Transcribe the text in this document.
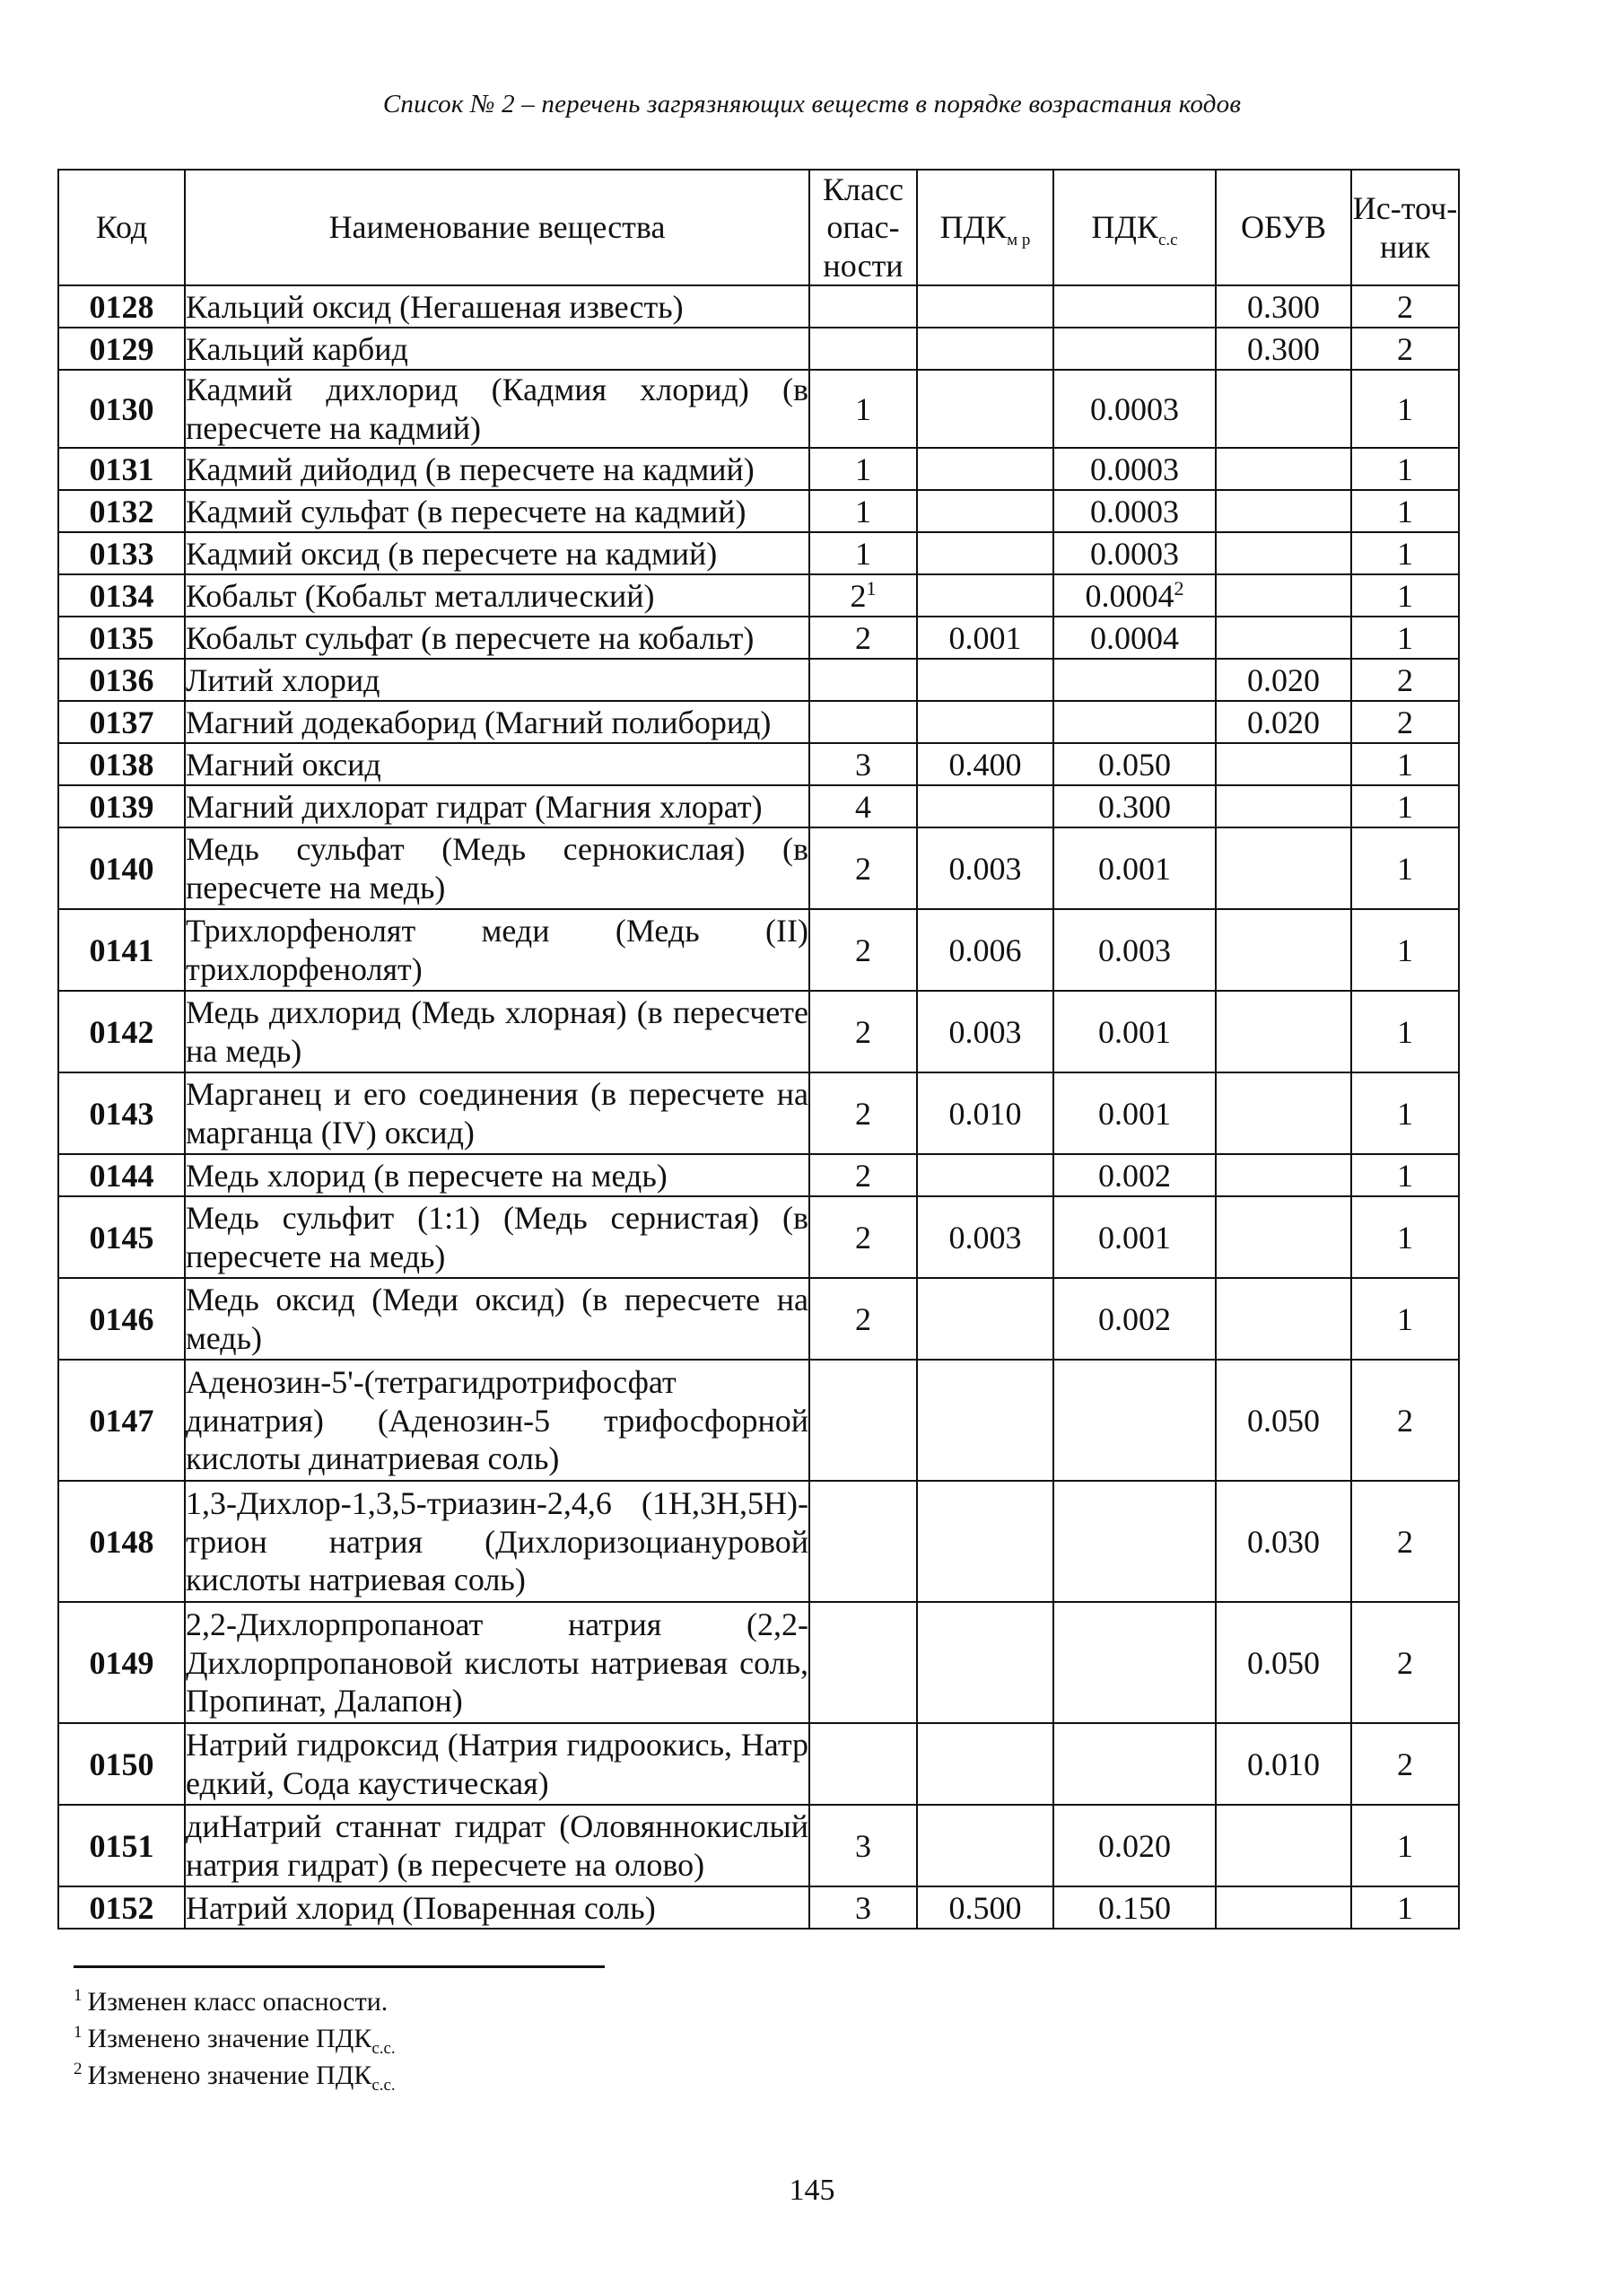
Список № 2 – перечень загрязняющих веществ в порядке возрастания кодов
Код	Наименование вещества	Класс опас-ности	$ПДК_{м р}$	$ПДК_{с.с}$	ОБУВ	Ис-точ-ник
0128	Кальций оксид (Негашеная известь)				0.300	2
0129	Кальций карбид				0.300	2
0130	Кадмий дихлорид (Кадмия хлорид) (в пересчете на кадмий)	1		0.0003		1
0131	Кадмий дийодид (в пересчете на кадмий)	1		0.0003		1
0132	Кадмий сульфат (в пересчете на кадмий)	1		0.0003		1
0133	Кадмий оксид (в пересчете на кадмий)	1		0.0003		1
0134	Кобальт (Кобальт металлический)	$2^1$		0.0004$^2$		1
0135	Кобальт сульфат (в пересчете на кобальт)	2	0.001	0.0004		1
0136	Литий хлорид				0.020	2
0137	Магний додекаборид (Магний полиборид)				0.020	2
0138	Магний оксид	3	0.400	0.050		1
0139	Магний дихлорат гидрат (Магния хлорат)	4		0.300		1
0140	Медь сульфат (Медь сернокислая) (в пересчете на медь)	2	0.003	0.001		1
0141	Трихлорфенолят меди (Медь (II) трихлорфенолят)	2	0.006	0.003		1
0142	Медь дихлорид (Медь хлорная) (в пересчете на медь)	2	0.003	0.001		1
0143	Марганец и его соединения (в пересчете на марганца (IV) оксид)	2	0.010	0.001		1
0144	Медь хлорид (в пересчете на медь)	2		0.002		1
0145	Медь сульфит (1:1) (Медь сернистая) (в пересчете на медь)	2	0.003	0.001		1
0146	Медь оксид (Меди оксид) (в пересчете на медь)	2		0.002		1
0147	Аденозин-5'-(тетрагидротрифосфат динатрия) (Аденозин-5 трифосфорной кислоты динатриевая соль)				0.050	2
0148	1,3-Дихлор-1,3,5-триазин-2,4,6 (1Н,3Н,5Н)-трион натрия (Дихлоризоциануровой кислоты натриевая соль)				0.030	2
0149	2,2-Дихлорпропаноат натрия (2,2-Дихлорпропановой кислоты натриевая соль, Пропинат, Далапон)				0.050	2
0150	Натрий гидроксид (Натрия гидроокись, Натр едкий, Сода каустическая)				0.010	2
0151	диНатрий станнат гидрат (Оловяннокислый натрия гидрат) (в пересчете на олово)	3		0.020		1
0152	Натрий хлорид (Поваренная соль)	3	0.500	0.150		1
$^1$ Изменен класс опасности.
$^1$ Изменено значение $ПДК_{с.с.}$
$^2$ Изменено значение $ПДК_{с.с.}$
145
